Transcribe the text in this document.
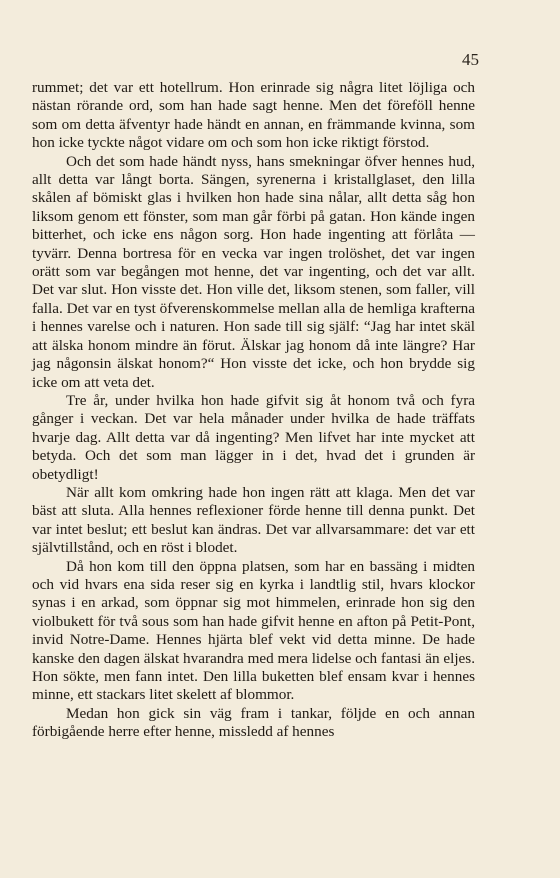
45

rummet; det var ett hotellrum. Hon erinrade sig några litet löjliga och nästan rörande ord, som han hade sagt henne. Men det föreföll henne som om detta äfventyr hade händt en annan, en främmande kvinna, som hon icke tyckte något vidare om och som hon icke riktigt förstod.

Och det som hade händt nyss, hans smekningar öfver hennes hud, allt detta var långt borta. Sängen, syrenerna i kristallglaset, den lilla skålen af bömiskt glas i hvilken hon hade sina nålar, allt detta såg hon liksom genom ett fönster, som man går förbi på gatan. Hon kände ingen bitterhet, och icke ens någon sorg. Hon hade ingenting att förlåta — tyvärr. Denna bortresa för en vecka var ingen trolöshet, det var ingen orätt som var begången mot henne, det var ingenting, och det var allt. Det var slut. Hon visste det. Hon ville det, liksom stenen, som faller, vill falla. Det var en tyst öfverenskommelse mellan alla de hemliga krafterna i hennes varelse och i naturen. Hon sade till sig själf: “Jag har intet skäl att älska honom mindre än förut. Älskar jag honom då inte längre? Har jag någonsin älskat honom?“ Hon visste det icke, och hon brydde sig icke om att veta det.

Tre år, under hvilka hon hade gifvit sig åt honom två och fyra gånger i veckan. Det var hela månader under hvilka de hade träffats hvarje dag. Allt detta var då ingenting? Men lifvet har inte mycket att betyda. Och det som man lägger in i det, hvad det i grunden är obetydligt!

När allt kom omkring hade hon ingen rätt att klaga. Men det var bäst att sluta. Alla hennes reflexioner förde henne till denna punkt. Det var intet beslut; ett beslut kan ändras. Det var allvarsammare: det var ett självtillstånd, och en röst i blodet.

Då hon kom till den öppna platsen, som har en bassäng i midten och vid hvars ena sida reser sig en kyrka i landtlig stil, hvars klockor synas i en arkad, som öppnar sig mot himmelen, erinrade hon sig den violbukett för två sous som han hade gifvit henne en afton på Petit-Pont, invid Notre-Dame. Hennes hjärta blef vekt vid detta minne. De hade kanske den dagen älskat hvarandra med mera lidelse och fantasi än eljes. Hon sökte, men fann intet. Den lilla buketten blef ensam kvar i hennes minne, ett stackars litet skelett af blommor.

Medan hon gick sin väg fram i tankar, följde en och annan förbigående herre efter henne, missledd af hennes
